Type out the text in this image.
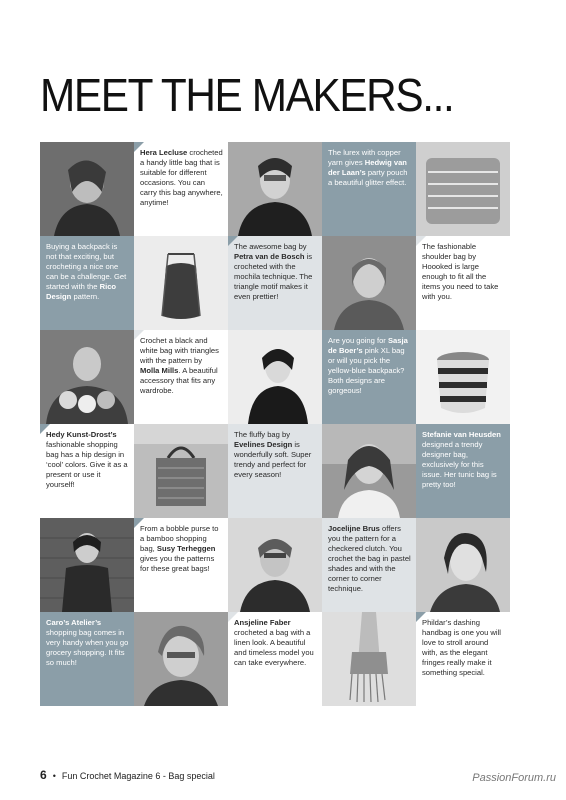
MEET THE MAKERS...
Hera Lecluse crocheted a handy little bag that is suitable for different occasions. You can carry this bag anywhere, anytime!
The lurex with copper yarn gives Hedwig van der Laan’s party pouch a beautiful glitter effect.
Buying a backpack is not that exciting, but crocheting a nice one can be a challenge. Get started with the Rico Design pattern.
The awesome bag by Petra van de Bosch is crocheted with the mochila technique. The triangle motif makes it even prettier!
The fashionable shoulder bag by Hoooked is large enough to fit all the items you need to take with you.
Crochet a black and white bag with triangles with the pattern by Molla Mills. A beautiful accessory that fits any wardrobe.
Are you going for Sasja de Boer’s pink XL bag or will you pick the yellow-blue backpack? Both designs are gorgeous!
Hedy Kunst-Drost’s fashionable shopping bag has a hip design in ‘cool’ colors. Give it as a present or use it yourself!
The fluffy bag by Evelines Design is wonderfully soft. Super trendy and perfect for every season!
Stefanie van Heusden designed a trendy designer bag, exclusively for this issue. Her tunic bag is pretty too!
From a bobble purse to a bamboo shopping bag, Susy Terheggen gives you the patterns for these great bags!
Jocelijne Brus offers you the pattern for a checkered clutch. You crochet the bag in pastel shades and with the corner to corner technique.
Caro’s Atelier’s shopping bag comes in very handy when you go grocery shopping. It fits so much!
Ansjeline Faber crocheted a bag with a linen look. A beautiful and timeless model you can take everywhere.
Phildar’s dashing handbag is one you will love to stroll around with, as the elegant fringes really make it something special.
6 • Fun Crochet Magazine 6 - Bag special	PassionForum.ru
